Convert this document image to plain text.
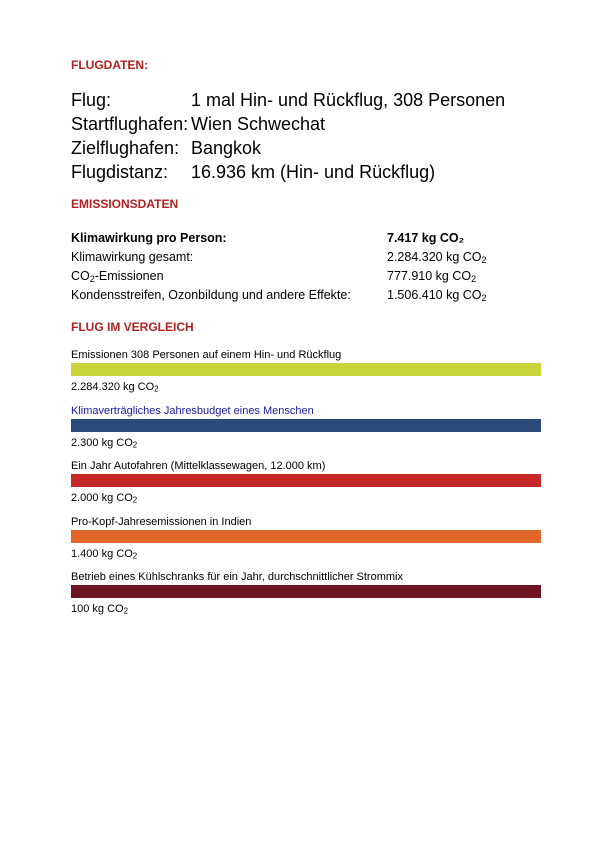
FLUGDATEN:
Flug:	1 mal Hin- und Rückflug, 308 Personen
Startflughafen: Wien Schwechat
Zielflughafen: Bangkok
Flugdistanz:	16.936 km (Hin- und Rückflug)
EMISSIONSDATEN
Klimawirkung pro Person:	7.417 kg CO₂
Klimawirkung gesamt:	2.284.320 kg $CO_2$
$CO_2$-Emissionen	777.910 kg $CO_2$
Kondensstreifen, Ozonbildung und andere Effekte:	1.506.410 kg $CO_2$
FLUG IM VERGLEICH
Emissionen 308 Personen auf einem Hin- und Rückflug
2.284.320 kg $CO_2$
Klimaverträgliches Jahresbudget eines Menschen
2.300 kg $CO_2$
Ein Jahr Autofahren (Mittelklassewagen, 12.000 km)
2.000 kg $CO_2$
Pro-Kopf-Jahresemissionen in Indien
1.400 kg $CO_2$
Betrieb eines Kühlschranks für ein Jahr, durchschnittlicher Strommix
100 kg $CO_2$
